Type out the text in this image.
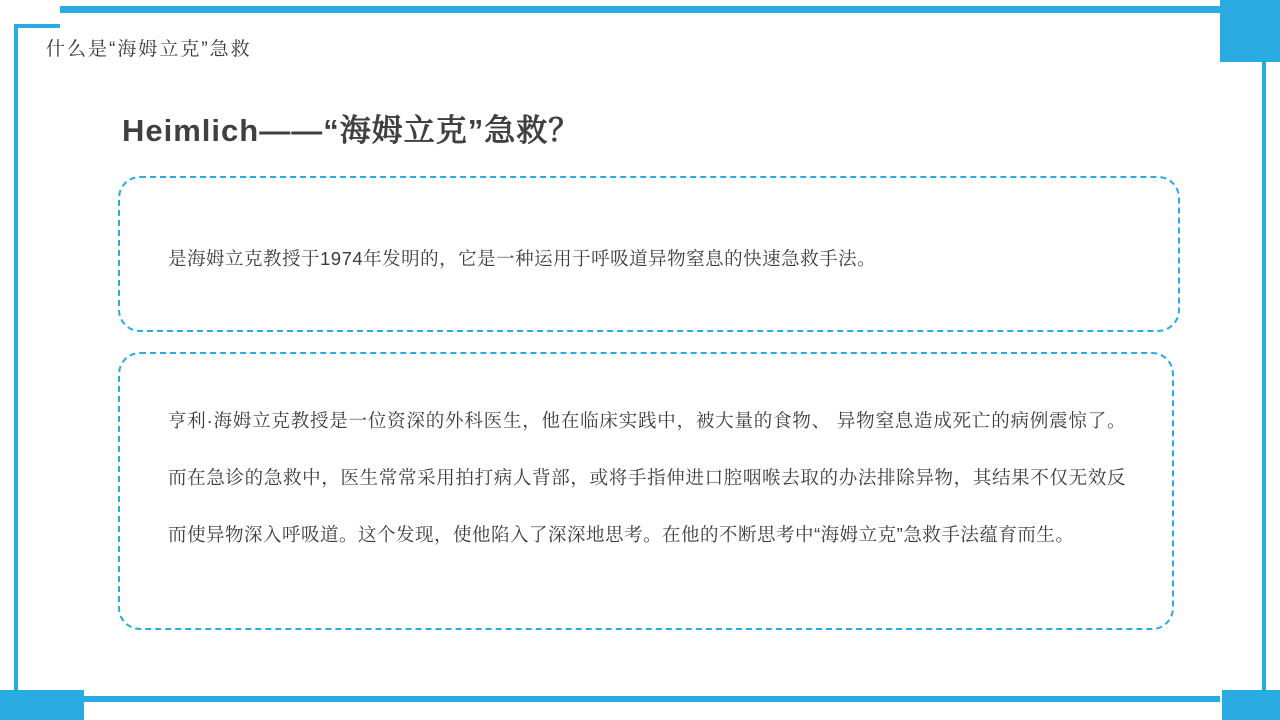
什么是“海姆立克”急救
Heimlich——“海姆立克”急救？
是海姆立克教授于1974年发明的，它是一种运用于呼吸道异物窒息的快速急救手法。
亨利·海姆立克教授是一位资深的外科医生，他在临床实践中，被大量的食物、 异物窒息造成死亡的病例震惊了。而在急诊的急救中，医生常常采用拍打病人背部，或将手指伸进口腔咽喉去取的办法排除异物，其结果不仅无效反而使异物深入呼吸道。这个发现，使他陷入了深深地思考。在他的不断思考中“海姆立克”急救手法蕴育而生。
